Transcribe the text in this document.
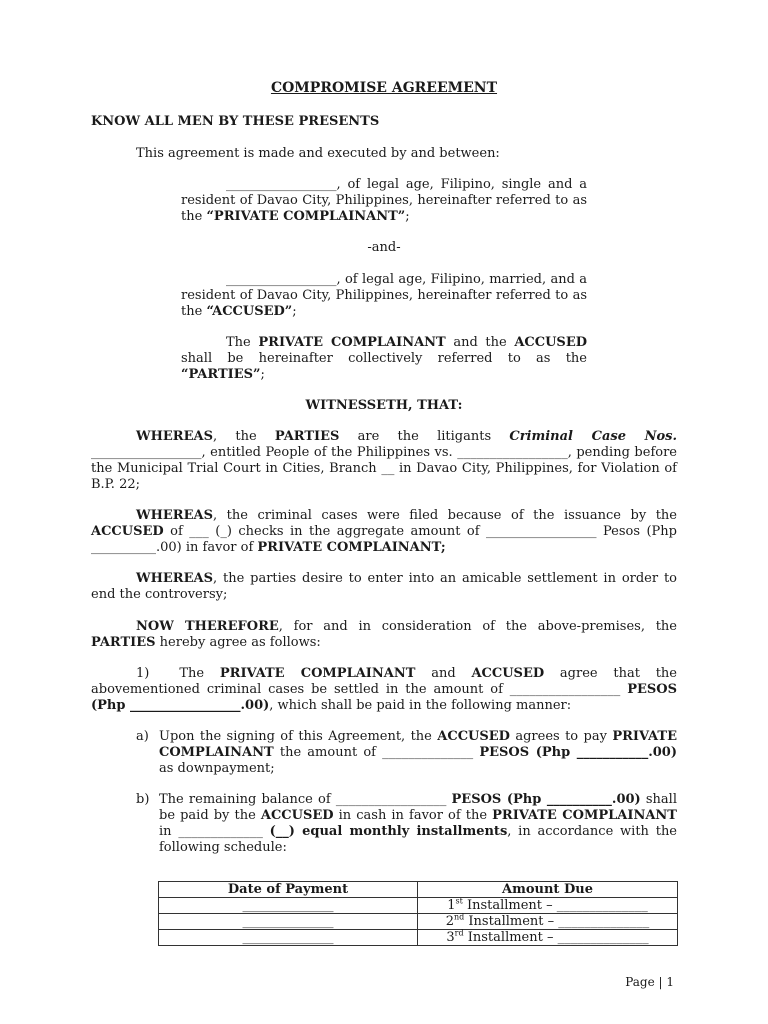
COMPROMISE AGREEMENT
KNOW ALL MEN BY THESE PRESENTS
This agreement is made and executed by and between:
_________________, of legal age, Filipino, single and a resident of Davao City, Philippines, hereinafter referred to as the “PRIVATE COMPLAINANT”;
-and-
_________________, of legal age, Filipino, married, and a resident of Davao City, Philippines, hereinafter referred to as the “ACCUSED”;
The PRIVATE COMPLAINANT and the ACCUSED shall be hereinafter collectively referred to as the “PARTIES”;
WITNESSETH, THAT:
WHEREAS, the PARTIES are the litigants Criminal Case Nos. _________________, entitled People of the Philippines vs. _________________, pending before the Municipal Trial Court in Cities, Branch __ in Davao City, Philippines, for Violation of B.P. 22;
WHEREAS, the criminal cases were filed because of the issuance by the ACCUSED of ___ (_) checks in the aggregate amount of _________________ Pesos (Php __________.00) in favor of PRIVATE COMPLAINANT;
WHEREAS, the parties desire to enter into an amicable settlement in order to end the controversy;
NOW THEREFORE, for and in consideration of the above-premises, the PARTIES hereby agree as follows:
1) The PRIVATE COMPLAINANT and ACCUSED agree that the abovementioned criminal cases be settled in the amount of _________________ PESOS (Php _________________.00), which shall be paid in the following manner:
a) Upon the signing of this Agreement, the ACCUSED agrees to pay PRIVATE COMPLAINANT the amount of ______________ PESOS (Php ___________.00) as downpayment;
b) The remaining balance of _________________ PESOS (Php __________.00) shall be paid by the ACCUSED in cash in favor of the PRIVATE COMPLAINANT in _____________ (__) equal monthly installments, in accordance with the following schedule:
Date of Payment	Amount Due
______________	1st Installment – ______________
______________	2nd Installment – ______________
______________	3rd Installment – ______________
Page | 1
